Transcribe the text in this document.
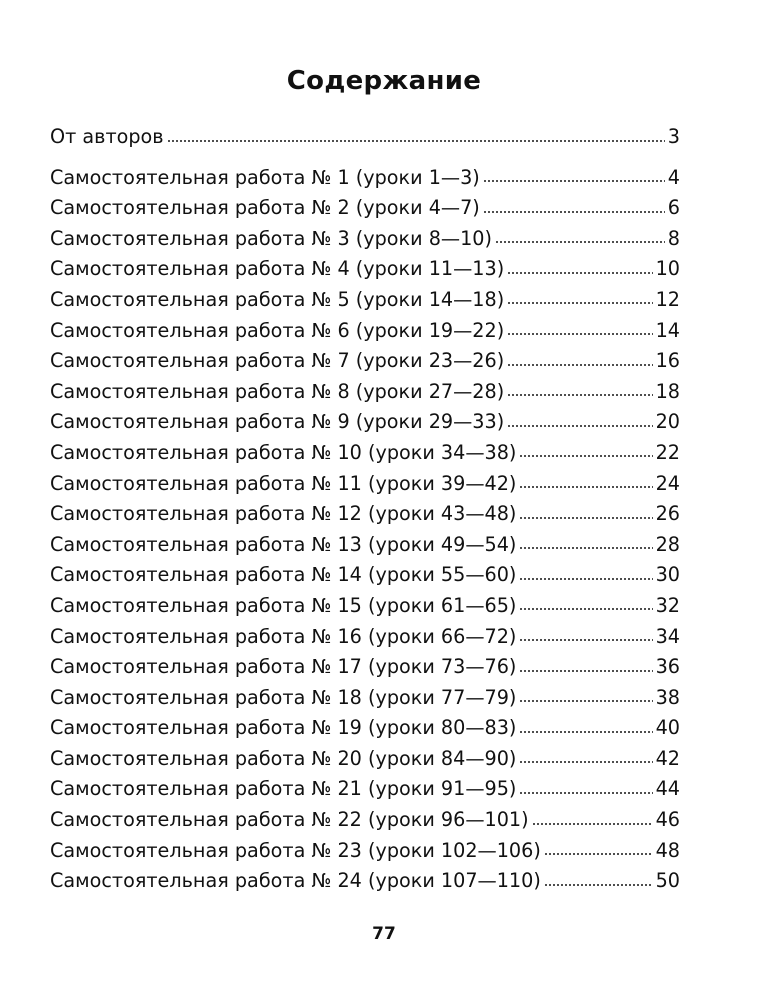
Содержание
От авторов	3
Самостоятельная работа № 1 (уроки 1—3)	4
Самостоятельная работа № 2 (уроки 4—7)	6
Самостоятельная работа № 3 (уроки 8—10)	8
Самостоятельная работа № 4 (уроки 11—13)	10
Самостоятельная работа № 5 (уроки 14—18)	12
Самостоятельная работа № 6 (уроки 19—22)	14
Самостоятельная работа № 7 (уроки 23—26)	16
Самостоятельная работа № 8 (уроки 27—28)	18
Самостоятельная работа № 9 (уроки 29—33)	20
Самостоятельная работа № 10 (уроки 34—38)	22
Самостоятельная работа № 11 (уроки 39—42)	24
Самостоятельная работа № 12 (уроки 43—48)	26
Самостоятельная работа № 13 (уроки 49—54)	28
Самостоятельная работа № 14 (уроки 55—60)	30
Самостоятельная работа № 15 (уроки 61—65)	32
Самостоятельная работа № 16 (уроки 66—72)	34
Самостоятельная работа № 17 (уроки 73—76)	36
Самостоятельная работа № 18 (уроки 77—79)	38
Самостоятельная работа № 19 (уроки 80—83)	40
Самостоятельная работа № 20 (уроки 84—90)	42
Самостоятельная работа № 21 (уроки 91—95)	44
Самостоятельная работа № 22 (уроки 96—101)	46
Самостоятельная работа № 23 (уроки 102—106)	48
Самостоятельная работа № 24 (уроки 107—110)	50
77
